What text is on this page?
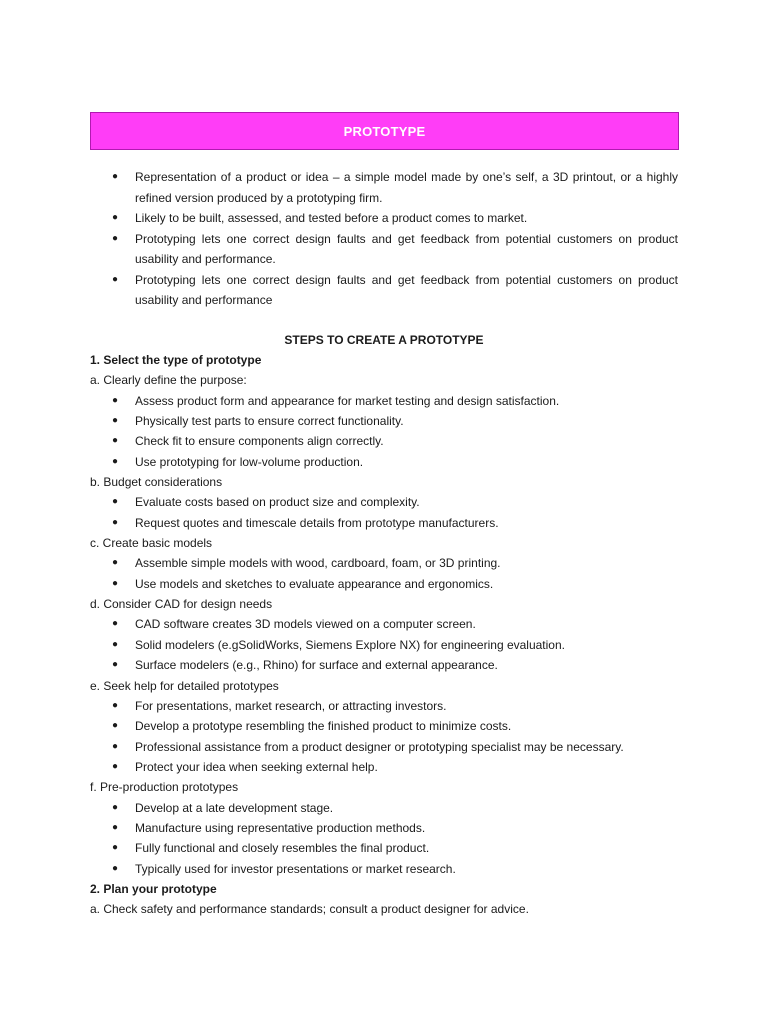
PROTOTYPE
● Representation of a product or idea – a simple model made by one’s self, a 3D printout, or a highly refined version produced by a prototyping firm.
● Likely to be built, assessed, and tested before a product comes to market.
● Prototyping lets one correct design faults and get feedback from potential customers on product usability and performance.
● Prototyping lets one correct design faults and get feedback from potential customers on product usability and performance
STEPS TO CREATE A PROTOTYPE
1. Select the type of prototype
a. Clearly define the purpose:
● Assess product form and appearance for market testing and design satisfaction.
● Physically test parts to ensure correct functionality.
● Check fit to ensure components align correctly.
● Use prototyping for low-volume production.
b. Budget considerations
● Evaluate costs based on product size and complexity.
● Request quotes and timescale details from prototype manufacturers.
c. Create basic models
● Assemble simple models with wood, cardboard, foam, or 3D printing.
● Use models and sketches to evaluate appearance and ergonomics.
d. Consider CAD for design needs
● CAD software creates 3D models viewed on a computer screen.
● Solid modelers (e.gSolidWorks, Siemens Explore NX) for engineering evaluation.
● Surface modelers (e.g., Rhino) for surface and external appearance.
e. Seek help for detailed prototypes
● For presentations, market research, or attracting investors.
● Develop a prototype resembling the finished product to minimize costs.
● Professional assistance from a product designer or prototyping specialist may be necessary.
● Protect your idea when seeking external help.
f. Pre-production prototypes
● Develop at a late development stage.
● Manufacture using representative production methods.
● Fully functional and closely resembles the final product.
● Typically used for investor presentations or market research.
2. Plan your prototype
a. Check safety and performance standards; consult a product designer for advice.
